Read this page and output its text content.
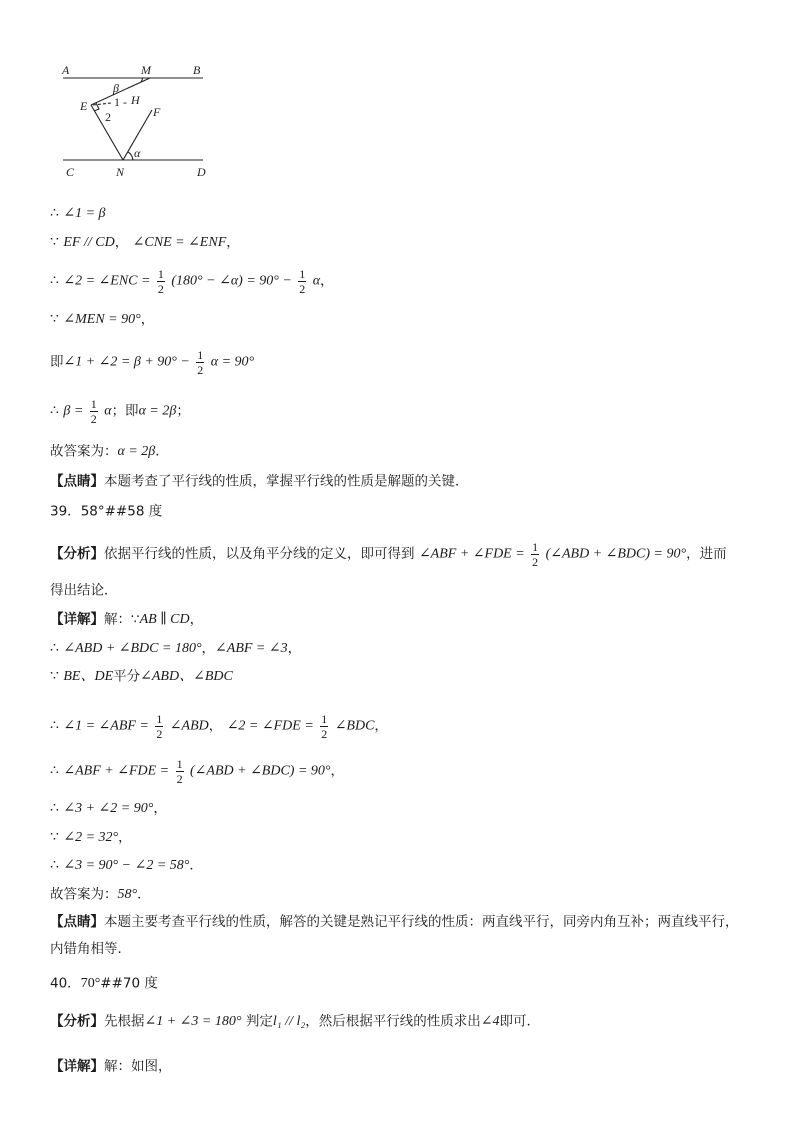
A	M	B
β
E 1 - H
2	F
α
C	N	D
∴ ∠1 = β
∵ EF // CD， ∠CNE = ∠ENF，
∴ ∠2 = ∠ENC = $\frac{1}{2} (180^\circ$ − ∠α) = $90^\circ - \frac{1}{2}$ α，
∵ ∠MEN = 90°，
即∠1 + ∠2 = $\beta + 90^\circ - \frac{1}{2}$ α = 90°
∴ $\beta = \frac{1}{2}$ α；即α = 2β；
故答案为：α = 2β．
【点睛】本题考查了平行线的性质，掌握平行线的性质是解题的关键．
39．58°##58 度
【分析】依据平行线的性质，以及角平分线的定义，即可得到 ∠ABF + ∠FDE = $\frac{1}{2}$ (∠ABD + ∠BDC) = 90°，进而
得出结论．
【详解】解：∵AB ∥ CD，
∴ ∠ABD + ∠BDC = 180°，∠ABF = ∠3，
∵ BE、DE平分∠ABD、∠BDC
∴ ∠1 = ∠ABF = $\frac{1}{2}$ ∠ABD， ∠2 = ∠FDE = $\frac{1}{2}$ ∠BDC，
∴ ∠ABF + ∠FDE = $\frac{1}{2}$ (∠ABD + ∠BDC) = 90°，
∴ ∠3 + ∠2 = 90°，
∵ ∠2 = 32°，
∴ ∠3 = 90° − ∠2 = 58°．
故答案为：58°．
【点睛】本题主要考查平行线的性质，解答的关键是熟记平行线的性质：两直线平行，同旁内角互补；两直线平行，内错角相等．
40．70°##70 度
【分析】先根据∠1 + ∠3 = 180° 判定l₁ // l₂，然后根据平行线的性质求出∠4即可．
【详解】解：如图，
